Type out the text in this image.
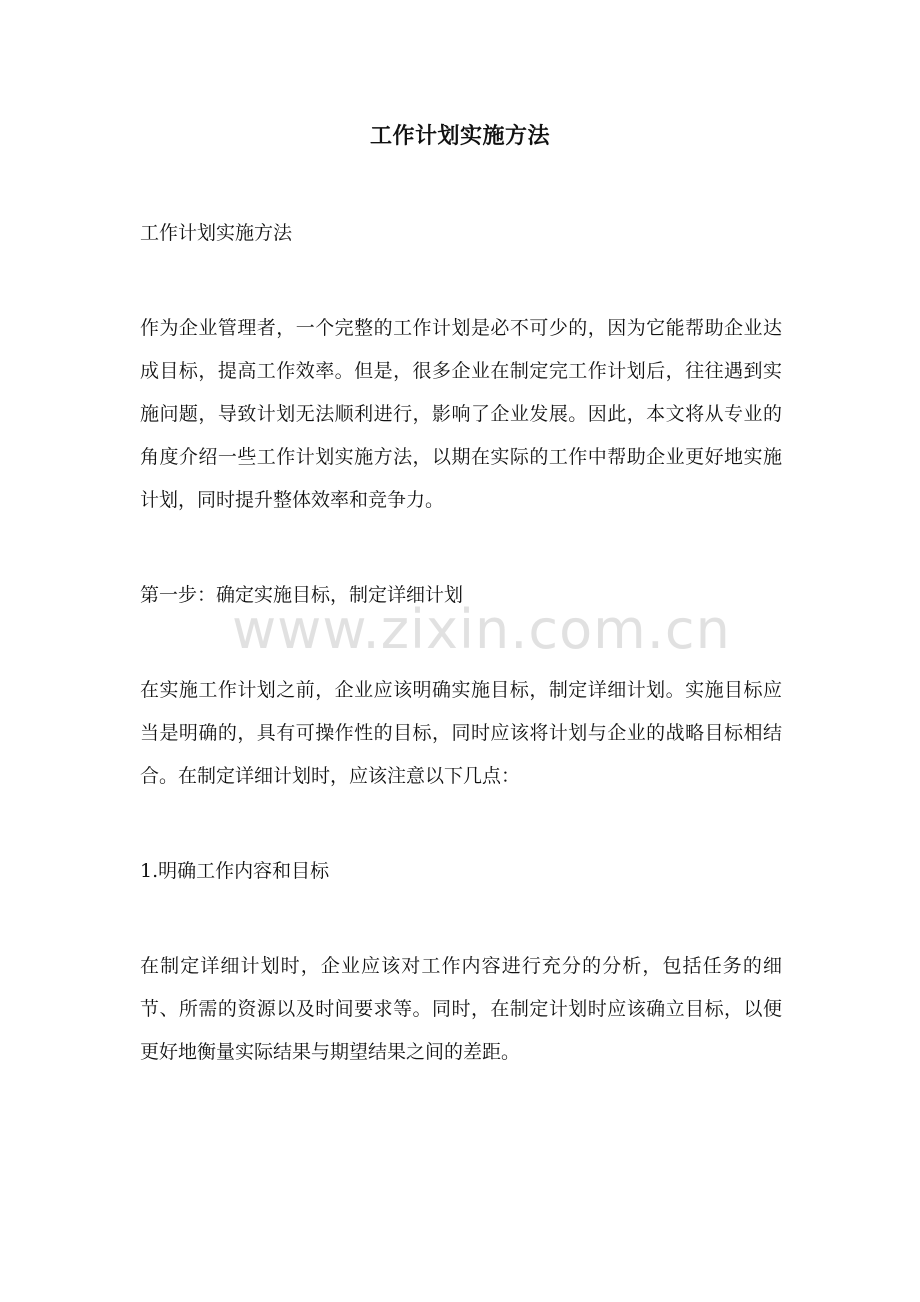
工作计划实施方法

工作计划实施方法

作为企业管理者，一个完整的工作计划是必不可少的，因为它能帮助企业达成目标，提高工作效率。但是，很多企业在制定完工作计划后，往往遇到实施问题，导致计划无法顺利进行，影响了企业发展。因此，本文将从专业的角度介绍一些工作计划实施方法，以期在实际的工作中帮助企业更好地实施计划，同时提升整体效率和竞争力。

第一步：确定实施目标，制定详细计划

在实施工作计划之前，企业应该明确实施目标，制定详细计划。实施目标应当是明确的，具有可操作性的目标，同时应该将计划与企业的战略目标相结合。在制定详细计划时，应该注意以下几点：

1.明确工作内容和目标

在制定详细计划时，企业应该对工作内容进行充分的分析，包括任务的细节、所需的资源以及时间要求等。同时，在制定计划时应该确立目标，以便更好地衡量实际结果与期望结果之间的差距。

www.zixin.com.cn
